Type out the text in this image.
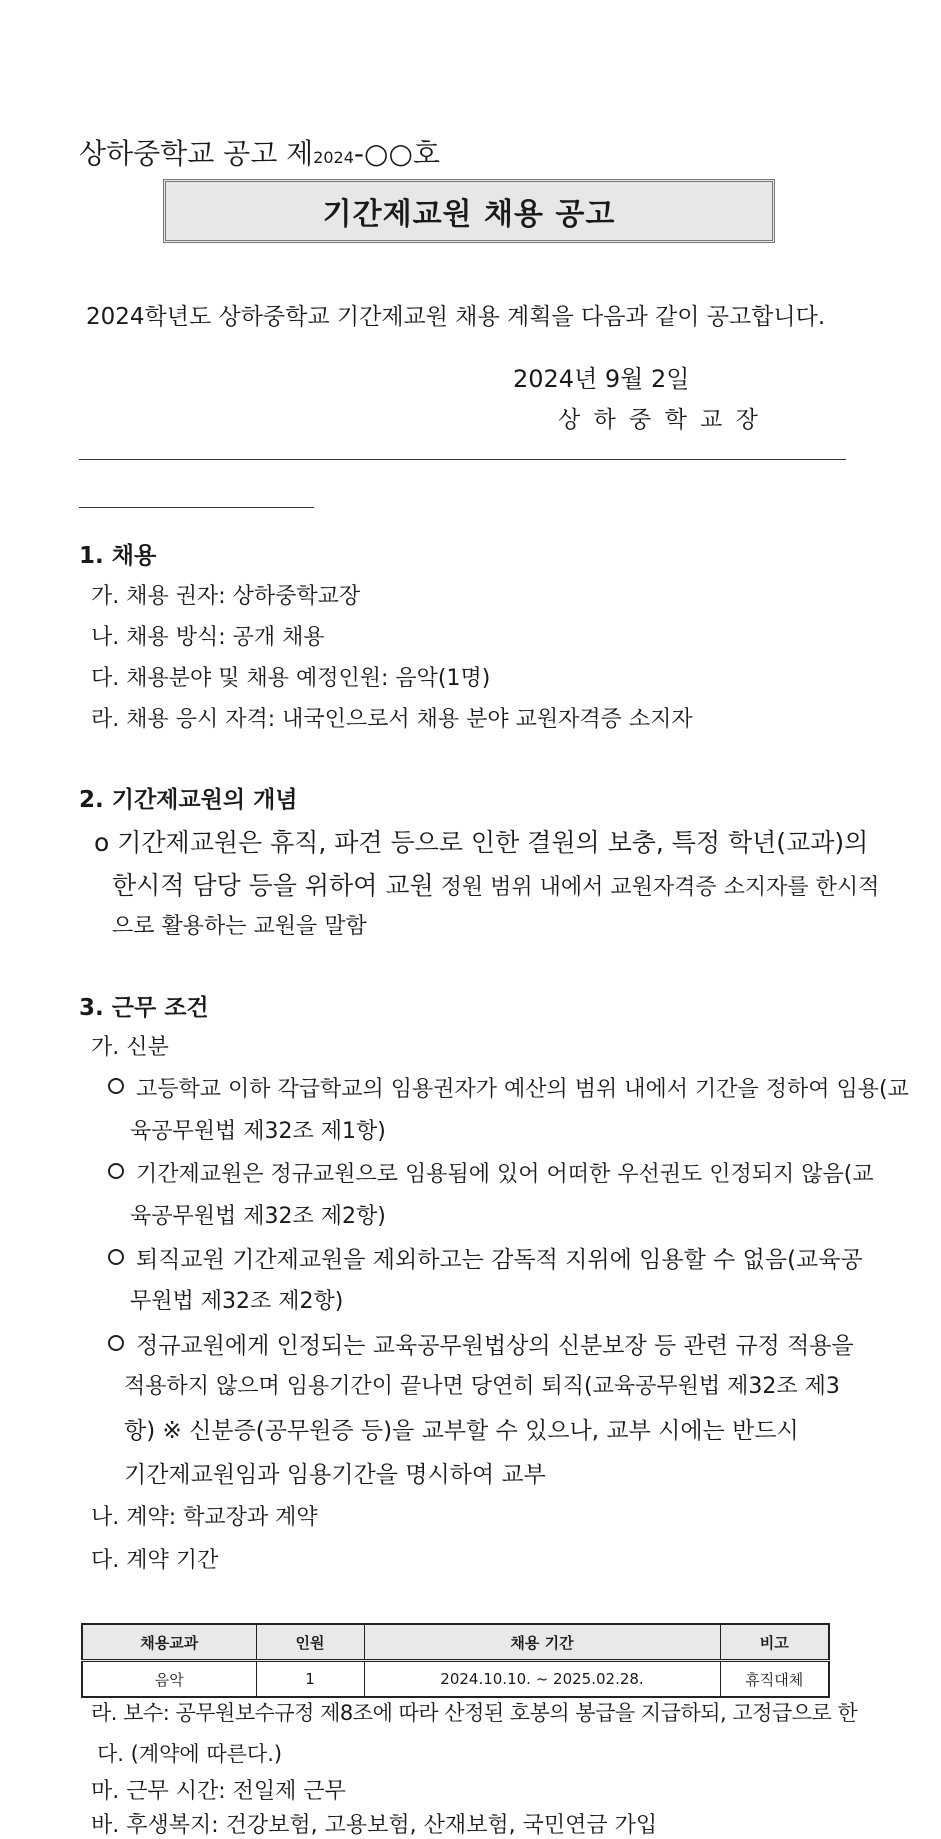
상하중학교 공고 제2024-○○호
기간제교원 채용 공고
2024학년도 상하중학교 기간제교원 채용 계획을 다음과 같이 공고합니다.
2024년 9월 2일
상 하 중 학 교 장
1. 채용
가. 채용 권자: 상하중학교장
나. 채용 방식: 공개 채용
다. 채용분야 및 채용 예정인원: 음악(1명)
라. 채용 응시 자격: 내국인으로서 채용 분야 교원자격증 소지자
2. 기간제교원의 개념
o 기간제교원은 휴직, 파견 등으로 인한 결원의 보충, 특정 학년(교과)의
한시적 담당 등을 위하여 교원 정원 범위 내에서 교원자격증 소지자를 한시적
으로 활용하는 교원을 말함
3. 근무 조건
가. 신분
고등학교 이하 각급학교의 임용권자가 예산의 범위 내에서 기간을 정하여 임용(교
육공무원법 제32조 제1항)
기간제교원은 정규교원으로 임용됨에 있어 어떠한 우선권도 인정되지 않음(교
육공무원법 제32조 제2항)
퇴직교원 기간제교원을 제외하고는 감독적 지위에 임용할 수 없음(교육공
무원법 제32조 제2항)
정규교원에게 인정되는 교육공무원법상의 신분보장 등 관련 규정 적용을
적용하지 않으며 임용기간이 끝나면 당연히 퇴직(교육공무원법 제32조 제3
항) ※ 신분증(공무원증 등)을 교부할 수 있으나, 교부 시에는 반드시
기간제교원임과 임용기간을 명시하여 교부
나. 계약: 학교장과 계약
다. 계약 기간
채용교과	인원	채용 기간	비고
음악	1	2024.10.10. ~ 2025.02.28.	휴직대체
라. 보수: 공무원보수규정 제8조에 따라 산정된 호봉의 봉급을 지급하되, 고정급으로 한
다. (계약에 따른다.)
마. 근무 시간: 전일제 근무
바. 후생복지: 건강보험, 고용보험, 산재보험, 국민연금 가입
